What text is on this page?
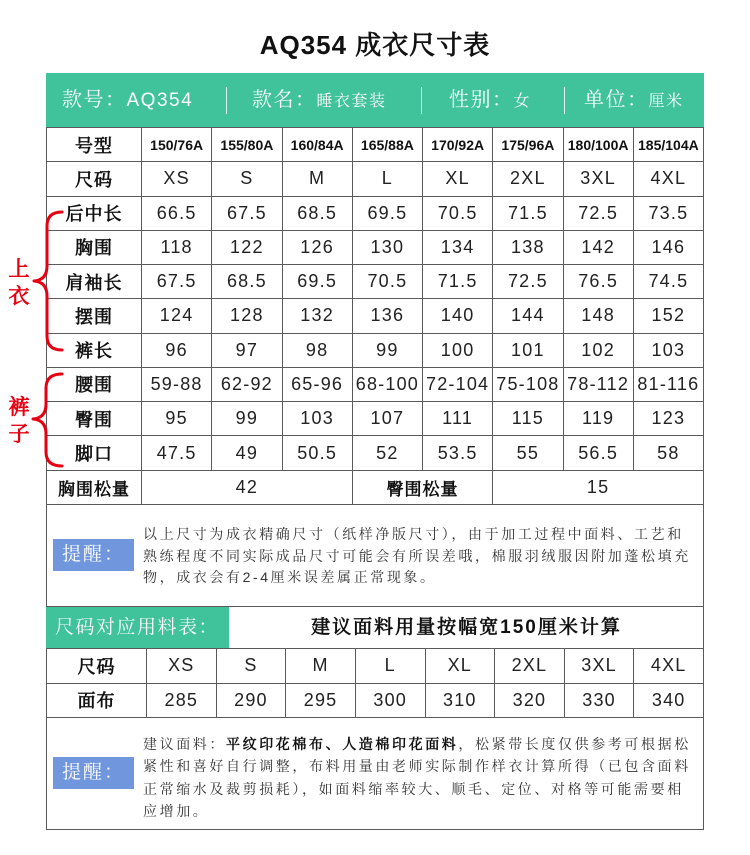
AQ354 成衣尺寸表
款号：AQ354	款名：睡衣套装	性别：女	单位：厘米
号型	150/76A	155/80A	160/84A	165/88A	170/92A	175/96A	180/100A	185/104A
尺码	XS	S	M	L	XL	2XL	3XL	4XL
后中长	66.5	67.5	68.5	69.5	70.5	71.5	72.5	73.5
胸围	118	122	126	130	134	138	142	146
肩袖长	67.5	68.5	69.5	70.5	71.5	72.5	76.5	74.5
摆围	124	128	132	136	140	144	148	152
裤长	96	97	98	99	100	101	102	103
腰围	59-88	62-92	65-96	68-100	72-104	75-108	78-112	81-116
臀围	95	99	103	107	111	115	119	123
脚口	47.5	49	50.5	52	53.5	55	56.5	58
胸围松量	42			臀围松量		15		
提醒：
以上尺寸为成衣精确尺寸（纸样净版尺寸），由于加工过程中面料、工艺和
熟练程度不同实际成品尺寸可能会有所误差哦，棉服羽绒服因附加蓬松填充
物，成衣会有2-4厘米误差属正常现象。
尺码对应用料表：	建议面料用量按幅宽150厘米计算
尺码	XS	S	M	L	XL	2XL	3XL	4XL
面布	285	290	295	300	310	320	330	340
提醒：
建议面料：平纹印花棉布、人造棉印花面料，松紧带长度仅供参考可根据松
紧性和喜好自行调整，布料用量由老师实际制作样衣计算所得（已包含面料
正常缩水及裁剪损耗），如面料缩率较大、顺毛、定位、对格等可能需要相
应增加。
上衣
裤子
